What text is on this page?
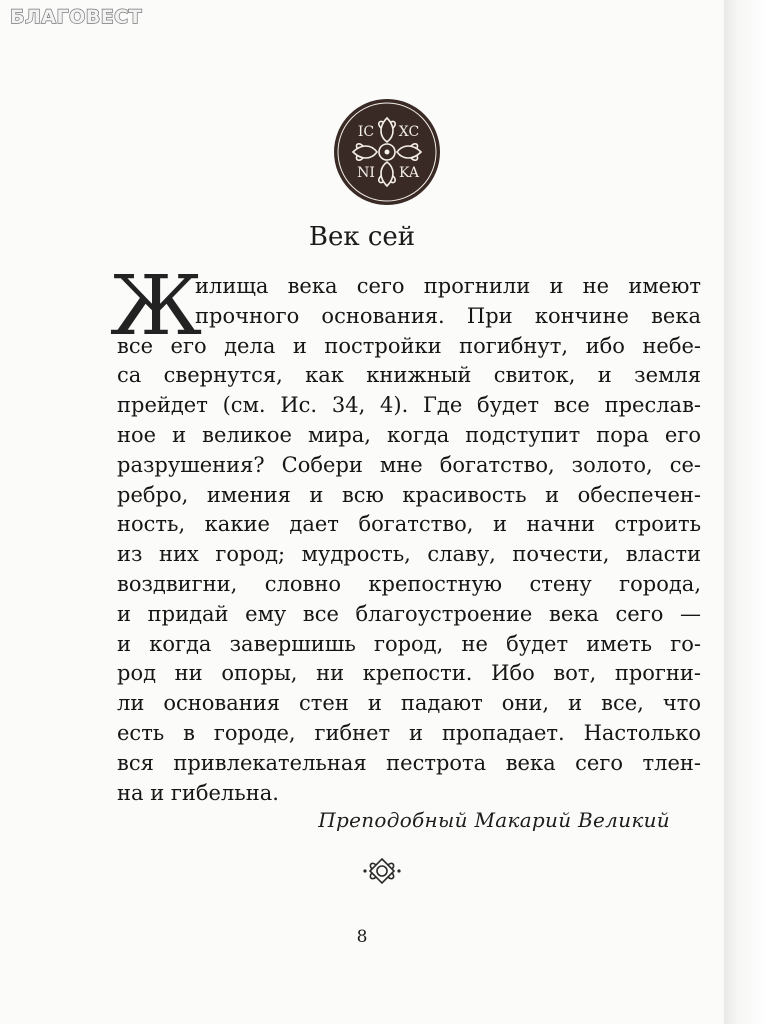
IC XC
NI KA
Век сей
Ж
илища века сего прогнили и не имеют
прочного основания. При кончине века
все его дела и постройки погибнут, ибо небе-
са свернутся, как книжный свиток, и земля
прейдет (см. Ис. 34, 4). Где будет все преслав-
ное и великое мира, когда подступит пора его
разрушения? Собери мне богатство, золото, се-
ребро, имения и всю красивость и обеспечен-
ность, какие дает богатство, и начни строить
из них город; мудрость, славу, почести, власти
воздвигни, словно крепостную стену города,
и придай ему все благоустроение века сего —
и когда завершишь город, не будет иметь го-
род ни опоры, ни крепости. Ибо вот, прогни-
ли основания стен и падают они, и все, что
есть в городе, гибнет и пропадает. Настолько
вся привлекательная пестрота века сего тлен-
на и гибельна.
Преподобный Макарий Великий
8
БЛАГОВЕСТ
